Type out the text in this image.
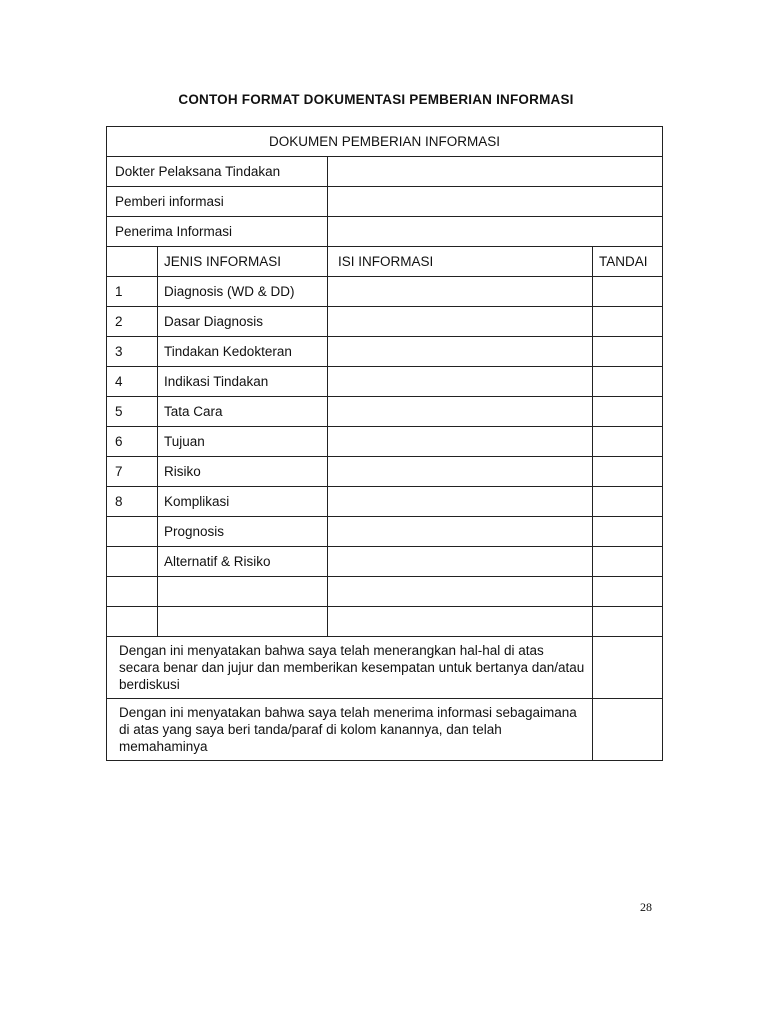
CONTOH FORMAT DOKUMENTASI PEMBERIAN INFORMASI
DOKUMEN PEMBERIAN INFORMASI			
Dokter Pelaksana Tindakan			
Pemberi informasi			
Penerima Informasi			
	JENIS INFORMASI	ISI INFORMASI	TANDAI
1	Diagnosis (WD & DD)		
2	Dasar Diagnosis		
3	Tindakan Kedokteran		
4	Indikasi Tindakan		
5	Tata Cara		
6	Tujuan		
7	Risiko		
8	Komplikasi		
	Prognosis		
	Alternatif & Risiko		

Dengan ini menyatakan bahwa saya telah menerangkan hal-hal di atas secara benar dan jujur dan memberikan kesempatan untuk bertanya dan/atau berdiskusi			
Dengan ini menyatakan bahwa saya telah menerima informasi sebagaimana di atas yang saya beri tanda/paraf di kolom kanannya, dan telah memahaminya			
28
